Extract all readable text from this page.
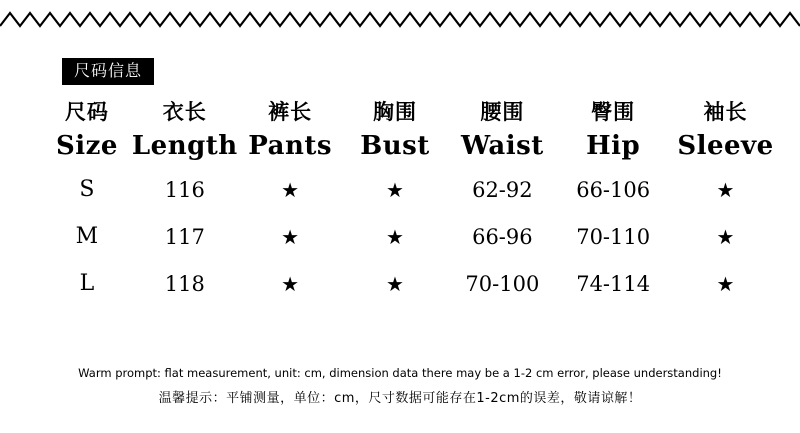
尺码信息
尺码	衣长	裤长	胸围	腰围	臀围	袖长
Size	Length	Pants	Bust	Waist	Hip	Sleeve
S	116	★	★	62-92	66-106	★
M	117	★	★	66-96	70-110	★
L	118	★	★	70-100	74-114	★
Warm prompt: flat measurement, unit: cm, dimension data there may be a 1-2 cm error, please understanding!
温馨提示：平铺测量，单位：cm，尺寸数据可能存在1-2cm的误差，敬请谅解！
